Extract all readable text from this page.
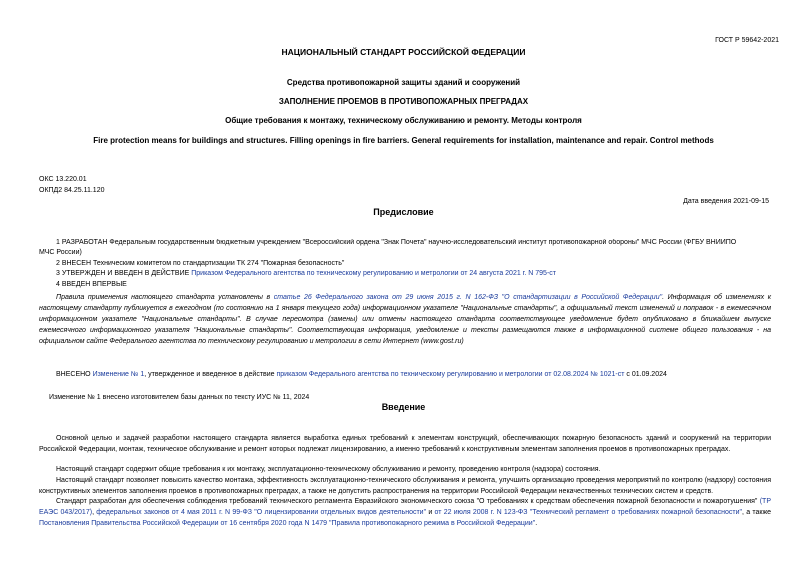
ГОСТ Р 59642-2021
НАЦИОНАЛЬНЫЙ СТАНДАРТ РОССИЙСКОЙ ФЕДЕРАЦИИ
Средства противопожарной защиты зданий и сооружений
ЗАПОЛНЕНИЕ ПРОЕМОВ В ПРОТИВОПОЖАРНЫХ ПРЕГРАДАХ
Общие требования к монтажу, техническому обслуживанию и ремонту. Методы контроля
Fire protection means for buildings and structures. Filling openings in fire barriers. General requirements for installation, maintenance and repair. Control methods
ОКС 13.220.01
ОКПД2 84.25.11.120
Дата введения 2021-09-15
Предисловие
1 РАЗРАБОТАН Федеральным государственным бюджетным учреждением "Всероссийский ордена "Знак Почета" научно-исследовательский институт противопожарной обороны" МЧС России (ФГБУ ВНИИПО
МЧС России)
2 ВНЕСЕН Техническим комитетом по стандартизации ТК 274 "Пожарная безопасность"
3 УТВЕРЖДЕН И ВВЕДЕН В ДЕЙСТВИЕ Приказом Федерального агентства по техническому регулированию и метрологии от 24 августа 2021 г. N 795-ст
4 ВВЕДЕН ВПЕРВЫЕ
Правила применения настоящего стандарта установлены в статье 26 Федерального закона от 29 июня 2015 г. N 162-ФЗ "О стандартизации в Российской Федерации". Информация об изменениях к настоящему стандарту публикуется в ежегодном (по состоянию на 1 января текущего года) информационном указателе "Национальные стандарты", а официальный текст изменений и поправок - в ежемесячном информационном указателе "Национальные стандарты". В случае пересмотра (замены) или отмены настоящего стандарта соответствующее уведомление будет опубликовано в ближайшем выпуске ежемесячного информационного указателя "Национальные стандарты". Соответствующая информация, уведомление и тексты размещаются также в информационной системе общего пользования - на официальном сайте Федерального агентства по техническому регулированию и метрологии в сети Интернет (www.gost.ru)
ВНЕСЕНО Изменение № 1, утвержденное и введенное в действие приказом Федерального агентства по техническому регулированию и метрологии от 02.08.2024 № 1021-ст с 01.09.2024
Изменение № 1 внесено изготовителем базы данных по тексту ИУС № 11, 2024
Введение
Основной целью и задачей разработки настоящего стандарта является выработка единых требований к элементам конструкций, обеспечивающих пожарную безопасность зданий и сооружений на территории Российской Федерации, монтаж, техническое обслуживание и ремонт которых подлежат лицензированию, а именно требований к конструктивным элементам заполнения проемов в противопожарных преградах.
Настоящий стандарт содержит общие требования к их монтажу, эксплуатационно-техническому обслуживанию и ремонту, проведению контроля (надзора) состояния.
Настоящий стандарт позволяет повысить качество монтажа, эффективность эксплуатационно-технического обслуживания и ремонта, улучшить организацию проведения мероприятий по контролю (надзору) состояния конструктивных элементов заполнения проемов в противопожарных преградах, а также не допустить распространения на территории Российской Федерации некачественных технических систем и средств.
Стандарт разработан для обеспечения соблюдения требований технического регламента Евразийского экономического союза "О требованиях к средствам обеспечения пожарной безопасности и пожаротушения" (ТР ЕАЭС 043/2017), федеральных законов от 4 мая 2011 г. N 99-ФЗ "О лицензировании отдельных видов деятельности" и от 22 июля 2008 г. N 123-ФЗ "Технический регламент о требованиях пожарной безопасности", а также Постановления Правительства Российской Федерации от 16 сентября 2020 года N 1479 "Правила противопожарного режима в Российской Федерации".
